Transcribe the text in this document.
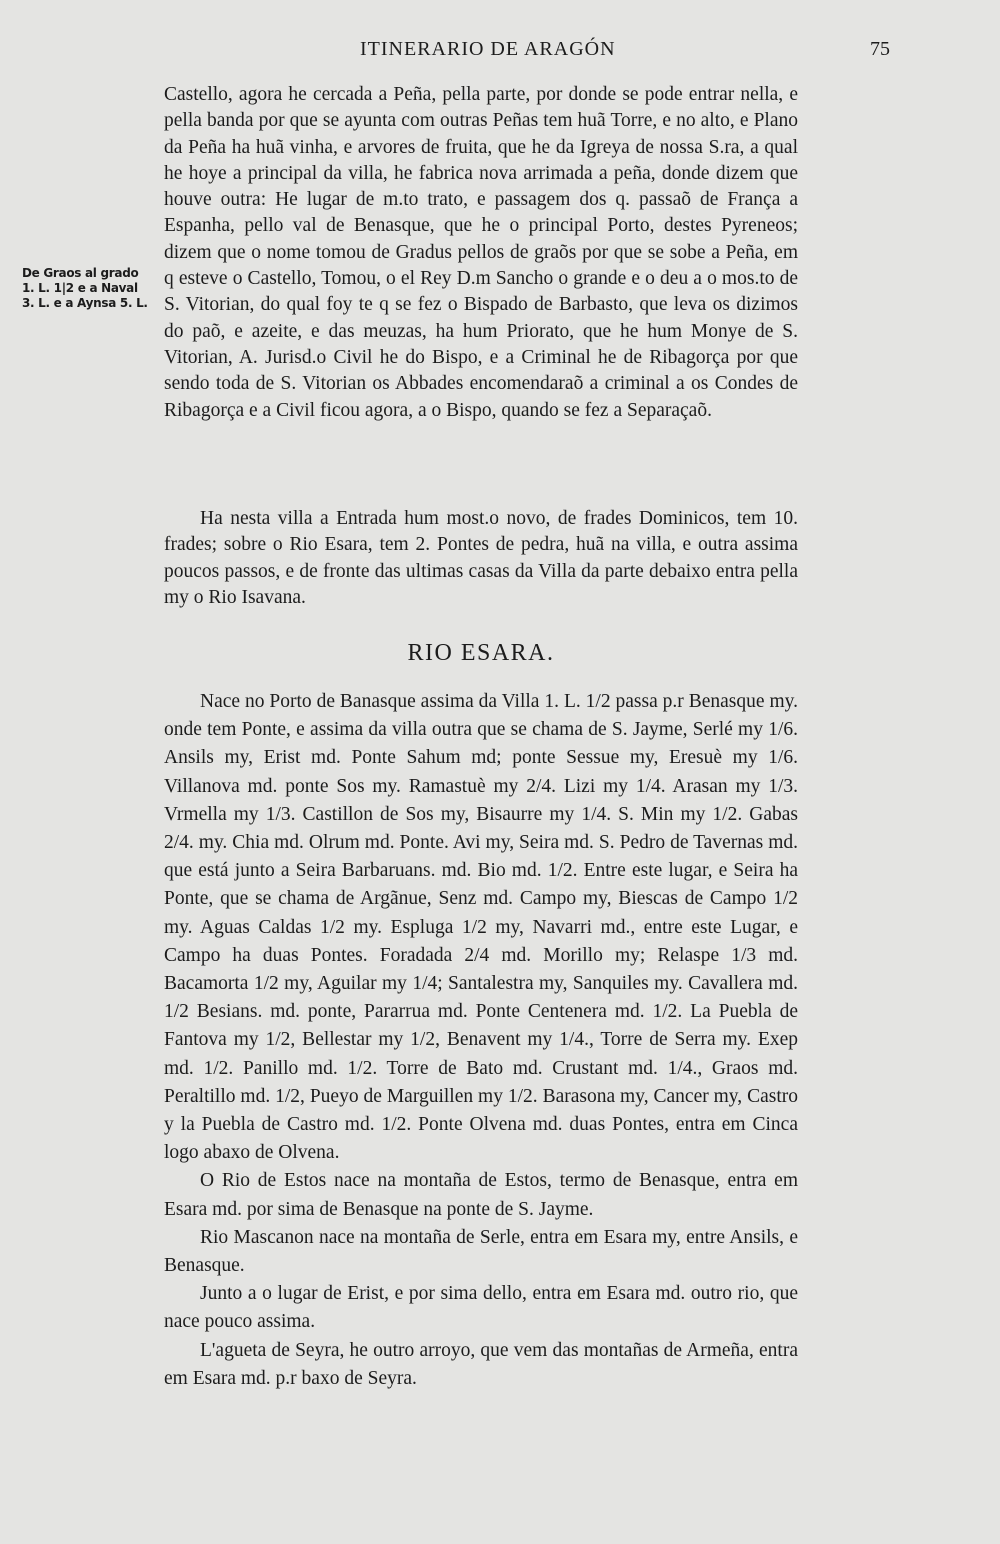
ITINERARIO DE ARAGÓN	75
De Graos al grado
1. L. 1|2 e a Naval
3. L. e a Aynsa 5. L.

Castello, agora he cercada a Peña, pella parte, por donde se pode entrar nella, e pella banda por que se ayunta com outras Peñas tem huã Torre, e no alto, e Plano da Peña ha huã vinha, e arvores de fruita, que he da Igreya de nossa S.ra, a qual he hoye a principal da villa, he fabrica nova arrimada a peña, donde dizem que houve outra: He lugar de m.to trato, e passagem dos q. passaõ de França a Espanha, pello val de Benasque, que he o principal Porto, destes Pyreneos; dizem que o nome tomou de Gradus pellos de graõs por que se sobe a Peña, em q esteve o Castello, Tomou, o el Rey D.m Sancho o grande e o deu a o mos.to de S. Vitorian, do qual foy te q se fez o Bispado de Barbasto, que leva os dizimos do paõ, e azeite, e das meuzas, ha hum Priorato, que he hum Monye de S. Vitorian, A. Jurisd.o Civil he do Bispo, e a Criminal he de Ribagorça por que sendo toda de S. Vitorian os Abbades encomendaraõ a criminal a os Condes de Ribagorça e a Civil ficou agora, a o Bispo, quando se fez a Separaçaõ.

Ha nesta villa a Entrada hum most.o novo, de frades Dominicos, tem 10. frades; sobre o Rio Esara, tem 2. Pontes de pedra, huã na villa, e outra assima poucos passos, e de fronte das ultimas casas da Villa da parte debaixo entra pella my o Rio Isavana.

RIO ESARA.

Nace no Porto de Banasque assima da Villa 1. L. 1/2 passa p.r Benasque my. onde tem Ponte, e assima da villa outra que se chama de S. Jayme, Serlé my 1/6. Ansils my, Erist md. Ponte Sahum md; ponte Sessue my, Eresuè my 1/6. Villanova md. ponte Sos my. Ramastuè my 2/4. Lizi my 1/4. Arasan my 1/3. Vrmella my 1/3. Castillon de Sos my, Bisaurre my 1/4. S. Min my 1/2. Gabas 2/4. my. Chia md. Olrum md. Ponte. Avi my, Seira md. S. Pedro de Tavernas md. que está junto a Seira Barbaruans. md. Bio md. 1/2. Entre este lugar, e Seira ha Ponte, que se chama de Argãnue, Senz md. Campo my, Biescas de Campo 1/2 my. Aguas Caldas 1/2 my. Espluga 1/2 my, Navarri md., entre este Lugar, e Campo ha duas Pontes. Foradada 2/4 md. Morillo my; Relaspe 1/3 md. Bacamorta 1/2 my, Aguilar my 1/4; Santalestra my, Sanquiles my. Cavallera md. 1/2 Besians. md. ponte, Pararrua md. Ponte Centenera md. 1/2. La Puebla de Fantova my 1/2, Bellestar my 1/2, Benavent my 1/4., Torre de Serra my. Exep md. 1/2. Panillo md. 1/2. Torre de Bato md. Crustant md. 1/4., Graos md. Peraltillo md. 1/2, Pueyo de Marguillen my 1/2. Barasona my, Cancer my, Castro y la Puebla de Castro md. 1/2. Ponte Olvena md. duas Pontes, entra em Cinca logo abaxo de Olvena.

O Rio de Estos nace na montaña de Estos, termo de Benasque, entra em Esara md. por sima de Benasque na ponte de S. Jayme.

Rio Mascanon nace na montaña de Serle, entra em Esara my, entre Ansils, e Benasque.

Junto a o lugar de Erist, e por sima dello, entra em Esara md. outro rio, que nace pouco assima.

L'agueta de Seyra, he outro arroyo, que vem das montañas de Armeña, entra em Esara md. p.r baxo de Seyra.
